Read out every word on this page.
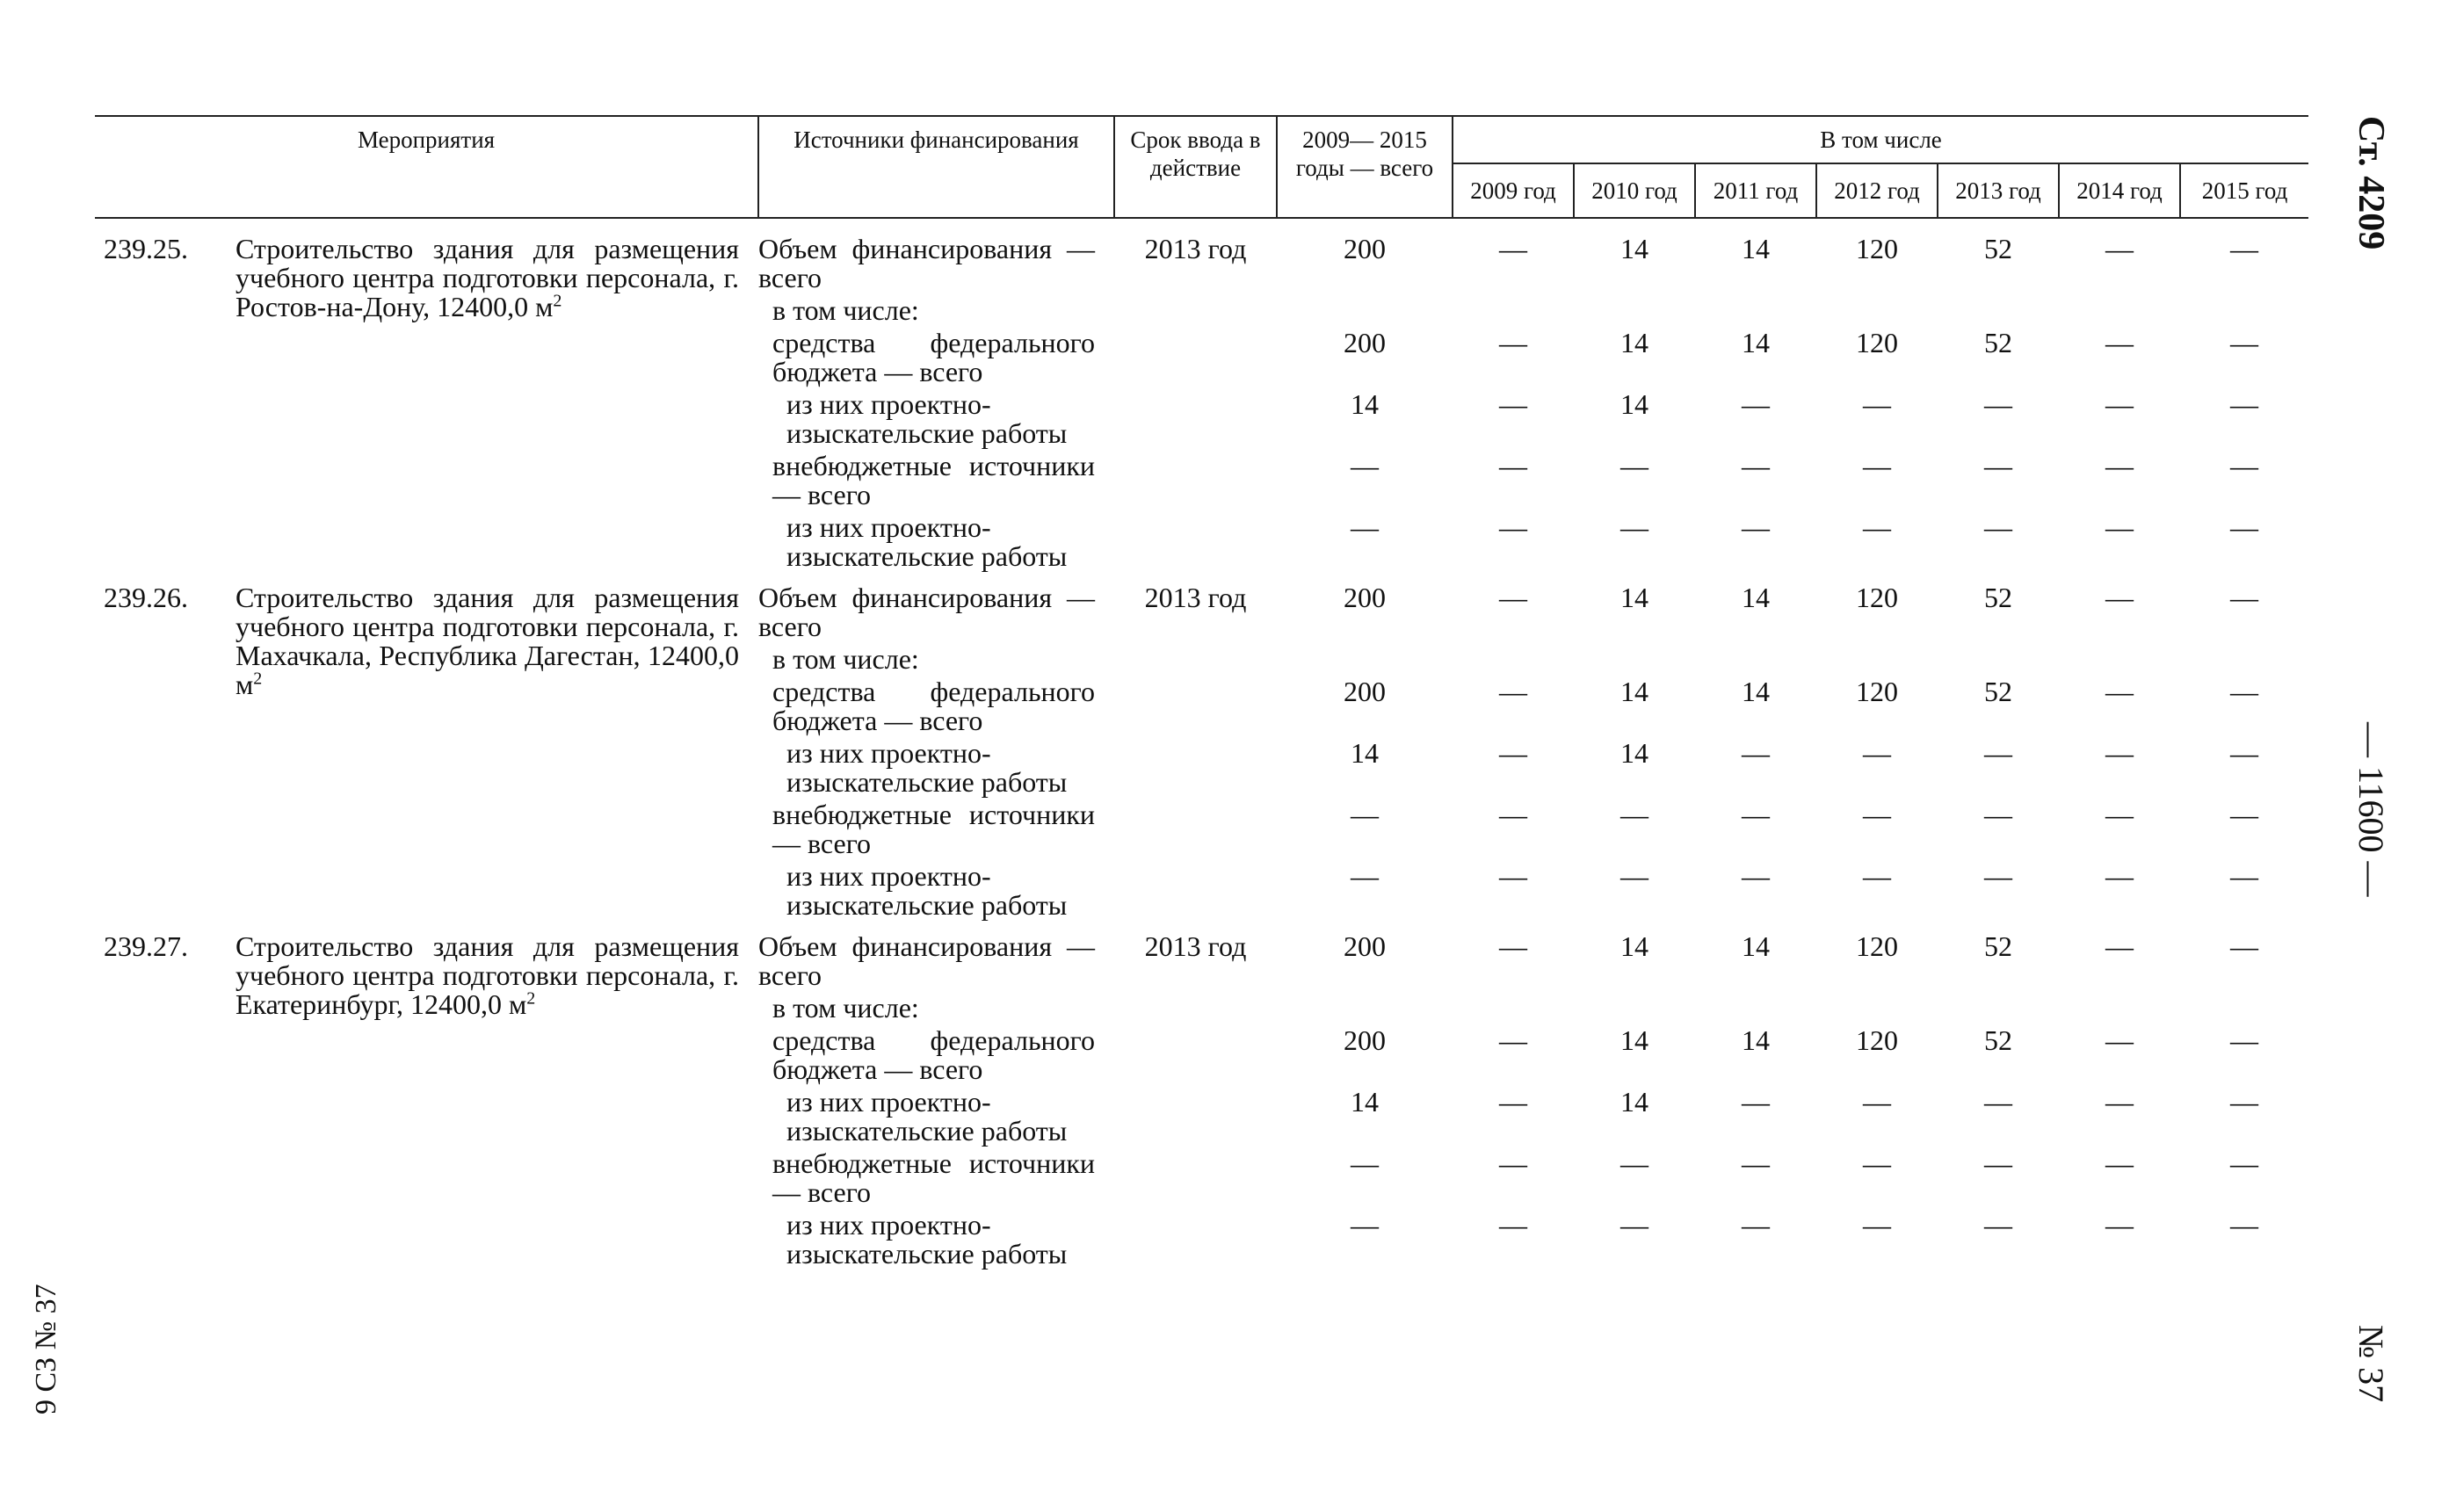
Ст. 4209
— 11600 —
№ 37
9 СЗ № 37
Мероприятия		Источники финансирования	Срок ввода в действие	2009— 2015 годы — всего	В том числе						
					2009 год	2010 год	2011 год	2012 год	2013 год	2014 год	2015 год
239.25.	Строительство здания для размещения учебного центра подготовки персонала, г. Ростов-на-Дону, 12400,0 $м^2$	Объем финансирования — всего	2013 год	200	—	14	14	120	52	—	—
		в том числе:									
		средства федерального бюджета — всего		200	—	14	14	120	52	—	—
		из них проектно-изыскательские работы		14	—	14	—	—	—	—	—
		внебюджетные источники — всего		—	—	—	—	—	—	—	—
		из них проектно-изыскательские работы		—	—	—	—	—	—	—	—
239.26.	Строительство здания для размещения учебного центра подготовки персонала, г. Махачкала, Республика Дагестан, 12400,0 $м^2$	Объем финансирования — всего	2013 год	200	—	14	14	120	52	—	—
		в том числе:									
		средства федерального бюджета — всего		200	—	14	14	120	52	—	—
		из них проектно-изыскательские работы		14	—	14	—	—	—	—	—
		внебюджетные источники — всего		—	—	—	—	—	—	—	—
		из них проектно-изыскательские работы		—	—	—	—	—	—	—	—
239.27.	Строительство здания для размещения учебного центра подготовки персонала, г. Екатеринбург, 12400,0 $м^2$	Объем финансирования — всего	2013 год	200	—	14	14	120	52	—	—
		в том числе:									
		средства федерального бюджета — всего		200	—	14	14	120	52	—	—
		из них проектно-изыскательские работы		14	—	14	—	—	—	—	—
		внебюджетные источники — всего		—	—	—	—	—	—	—	—
		из них проектно-изыскательские работы		—	—	—	—	—	—	—	—
